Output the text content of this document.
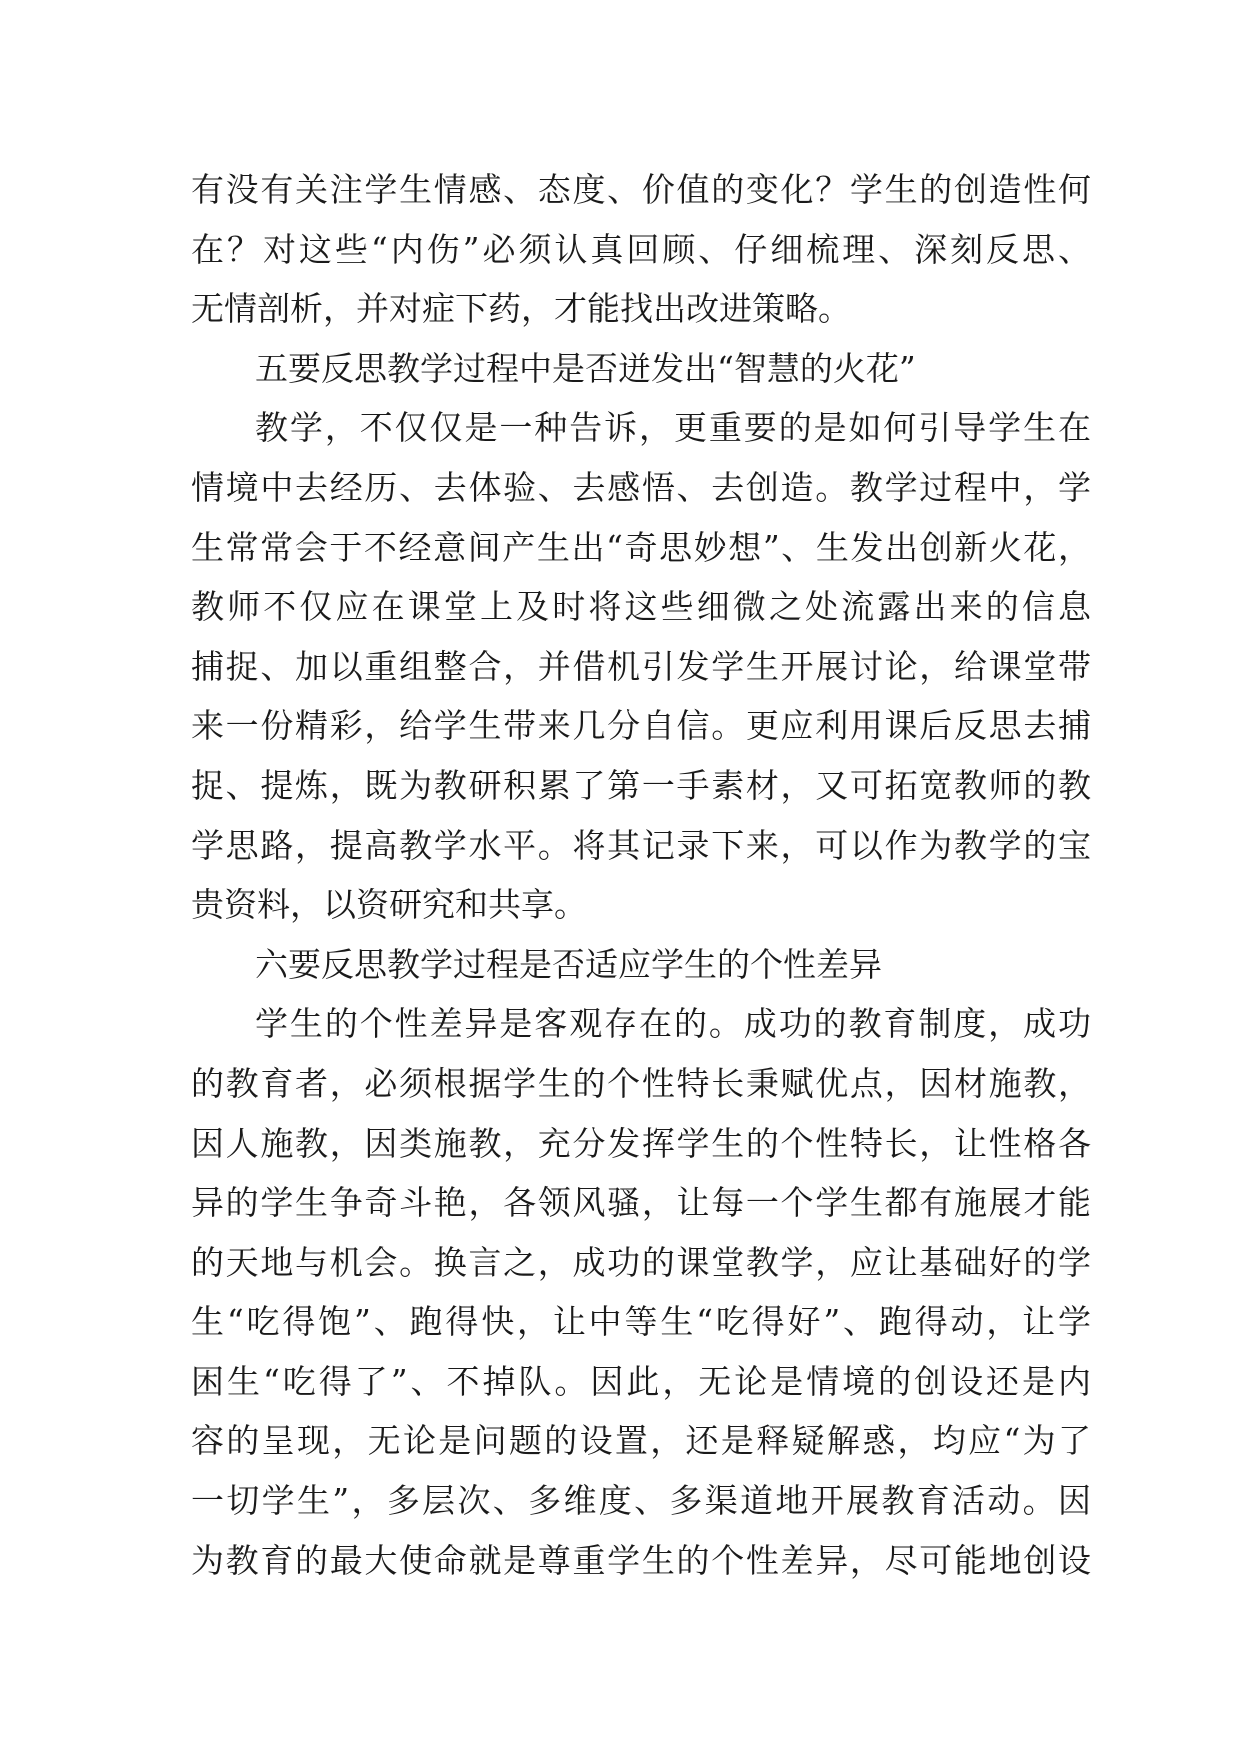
有没有关注学生情感、态度、价值的变化？学生的创造性何
在？对这些“内伤”必须认真回顾、仔细梳理、深刻反思、
无情剖析，并对症下药，才能找出改进策略。
五要反思教学过程中是否迸发出“智慧的火花”
教学，不仅仅是一种告诉，更重要的是如何引导学生在
情境中去经历、去体验、去感悟、去创造。教学过程中，学
生常常会于不经意间产生出“奇思妙想”、生发出创新火花，
教师不仅应在课堂上及时将这些细微之处流露出来的信息
捕捉、加以重组整合，并借机引发学生开展讨论，给课堂带
来一份精彩，给学生带来几分自信。更应利用课后反思去捕
捉、提炼，既为教研积累了第一手素材，又可拓宽教师的教
学思路，提高教学水平。将其记录下来，可以作为教学的宝
贵资料，以资研究和共享。
六要反思教学过程是否适应学生的个性差异
学生的个性差异是客观存在的。成功的教育制度，成功
的教育者，必须根据学生的个性特长秉赋优点，因材施教，
因人施教，因类施教，充分发挥学生的个性特长，让性格各
异的学生争奇斗艳，各领风骚，让每一个学生都有施展才能
的天地与机会。换言之，成功的课堂教学，应让基础好的学
生“吃得饱”、跑得快，让中等生“吃得好”、跑得动，让学
困生“吃得了”、不掉队。因此，无论是情境的创设还是内
容的呈现，无论是问题的设置，还是释疑解惑，均应“为了
一切学生”，多层次、多维度、多渠道地开展教育活动。因
为教育的最大使命就是尊重学生的个性差异，尽可能地创设
